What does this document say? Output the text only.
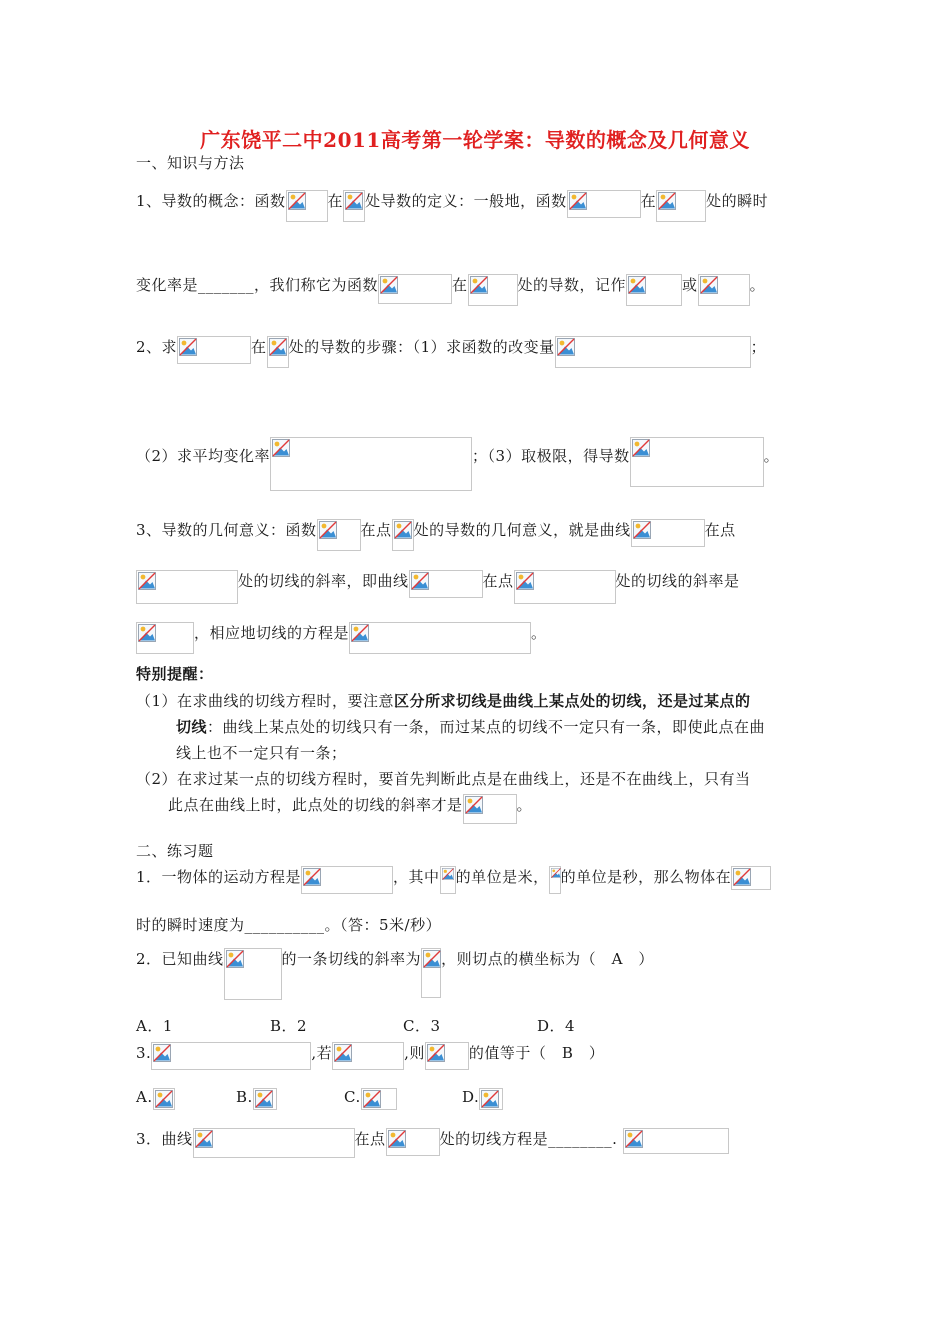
广东饶平二中2011高考第一轮学案：导数的概念及几何意义
一、知识与方法
1、导数的概念：函数	在 处导数的定义：一般地，函数	在	处的瞬时
变化率是_______，我们称它为函数	在	处的导数，记作	或	。
2、求	在 处的导数的步骤：（1）求函数的改变量	；
（2）求平均变化率	；（3）取极限，得导数	。
3、导数的几何意义：函数	在点 处的导数的几何意义，就是曲线	在点
处的切线的斜率，即曲线	在点	处的切线的斜率是
，相应地切线的方程是	。
特别提醒：
（1）在求曲线的切线方程时，要注意区分所求切线是曲线上某点处的切线，还是过某点的
切线：曲线上某点处的切线只有一条，而过某点的切线不一定只有一条，即使此点在曲
线上也不一定只有一条；
（2）在求过某一点的切线方程时，要首先判断此点是在曲线上，还是不在曲线上，只有当
此点在曲线上时，此点处的切线的斜率才是	。
二、练习题
1．一物体的运动方程是	，其中 的单位是米， 的单位是秒，那么物体在
时的瞬时速度为__________。（答：5米/秒）
2．已知曲线	的一条切线的斜率为 ，则切点的横坐标为（　A　）
A．1	B．2	C．3	D．4
3.	,若	,则	的值等于（　B　）
A.	B.	C.	D.
3．曲线	在点	处的切线方程是________.
